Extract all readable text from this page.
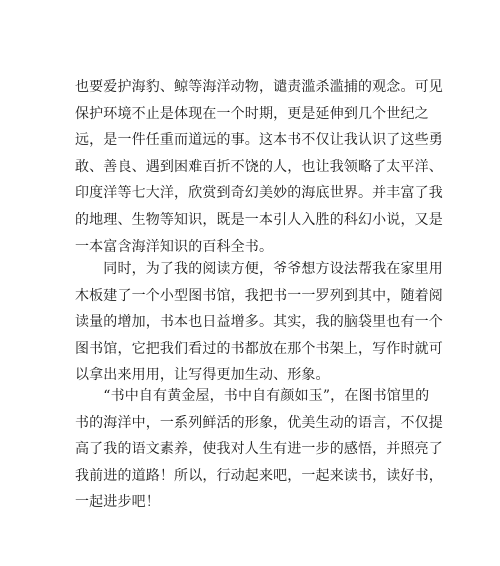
也要爱护海豹、鲸等海洋动物，谴责滥杀滥捕的观念。可见
保护环境不止是体现在一个时期，更是延伸到几个世纪之
远，是一件任重而道远的事。这本书不仅让我认识了这些勇
敢、善良、遇到困难百折不饶的人，也让我领略了太平洋、
印度洋等七大洋，欣赏到奇幻美妙的海底世界。并丰富了我
的地理、生物等知识，既是一本引人入胜的科幻小说，又是
一本富含海洋知识的百科全书。
　　同时，为了我的阅读方便，爷爷想方设法帮我在家里用
木板建了一个小型图书馆，我把书一一罗列到其中，随着阅
读量的增加，书本也日益增多。其实，我的脑袋里也有一个
图书馆，它把我们看过的书都放在那个书架上，写作时就可
以拿出来用用，让写得更加生动、形象。
　　“书中自有黄金屋，书中自有颜如玉”，在图书馆里的
书的海洋中，一系列鲜活的形象，优美生动的语言，不仅提
高了我的语文素养，使我对人生有进一步的感悟，并照亮了
我前进的道路！所以，行动起来吧，一起来读书，读好书，
一起进步吧！
